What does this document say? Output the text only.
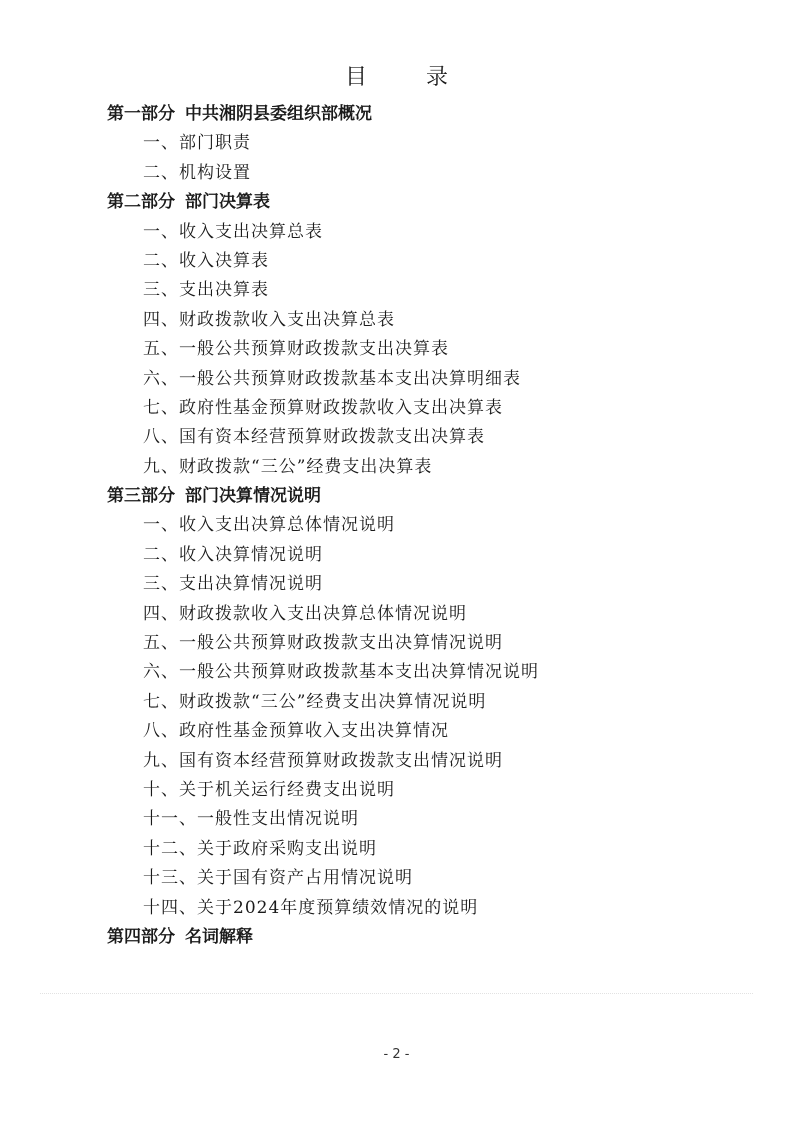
目 录
第一部分 中共湘阴县委组织部概况
一、部门职责
二、机构设置
第二部分 部门决算表
一、收入支出决算总表
二、收入决算表
三、支出决算表
四、财政拨款收入支出决算总表
五、一般公共预算财政拨款支出决算表
六、一般公共预算财政拨款基本支出决算明细表
七、政府性基金预算财政拨款收入支出决算表
八、国有资本经营预算财政拨款支出决算表
九、财政拨款“三公”经费支出决算表
第三部分 部门决算情况说明
一、收入支出决算总体情况说明
二、收入决算情况说明
三、支出决算情况说明
四、财政拨款收入支出决算总体情况说明
五、一般公共预算财政拨款支出决算情况说明
六、一般公共预算财政拨款基本支出决算情况说明
七、财政拨款“三公”经费支出决算情况说明
八、政府性基金预算收入支出决算情况
九、国有资本经营预算财政拨款支出情况说明
十、关于机关运行经费支出说明
十一、一般性支出情况说明
十二、关于政府采购支出说明
十三、关于国有资产占用情况说明
十四、关于2024年度预算绩效情况的说明
第四部分 名词解释
- 2 -
